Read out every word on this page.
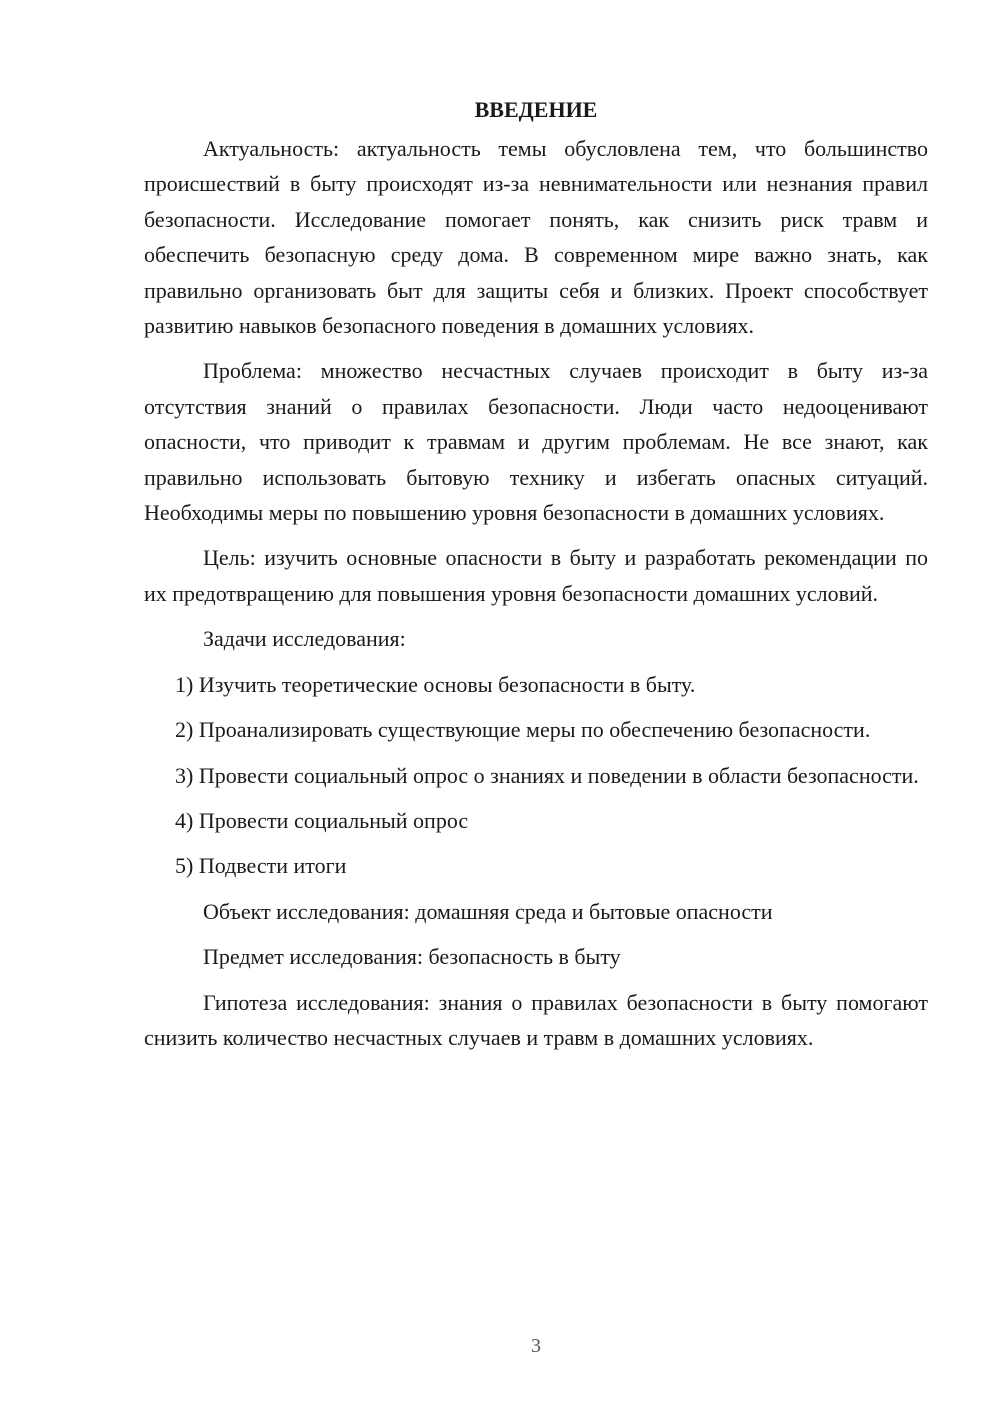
ВВЕДЕНИЕ

Актуальность: актуальность темы обусловлена тем, что большинство происшествий в быту происходят из-за невнимательности или незнания правил безопасности. Исследование помогает понять, как снизить риск травм и обеспечить безопасную среду дома. В современном мире важно знать, как правильно организовать быт для защиты себя и близких. Проект способствует развитию навыков безопасного поведения в домашних условиях.

Проблема: множество несчастных случаев происходит в быту из-за отсутствия знаний о правилах безопасности. Люди часто недооценивают опасности, что приводит к травмам и другим проблемам. Не все знают, как правильно использовать бытовую технику и избегать опасных ситуаций. Необходимы меры по повышению уровня безопасности в домашних условиях.

Цель: изучить основные опасности в быту и разработать рекомендации по их предотвращению для повышения уровня безопасности домашних условий.

Задачи исследования:

1) Изучить теоретические основы безопасности в быту.

2) Проанализировать существующие меры по обеспечению безопасности.

3) Провести социальный опрос о знаниях и поведении в области безопасности.

4) Провести социальный опрос

5) Подвести итоги

Объект исследования: домашняя среда и бытовые опасности

Предмет исследования: безопасность в быту

Гипотеза исследования: знания о правилах безопасности в быту помогают снизить количество несчастных случаев и травм в домашних условиях.

3
